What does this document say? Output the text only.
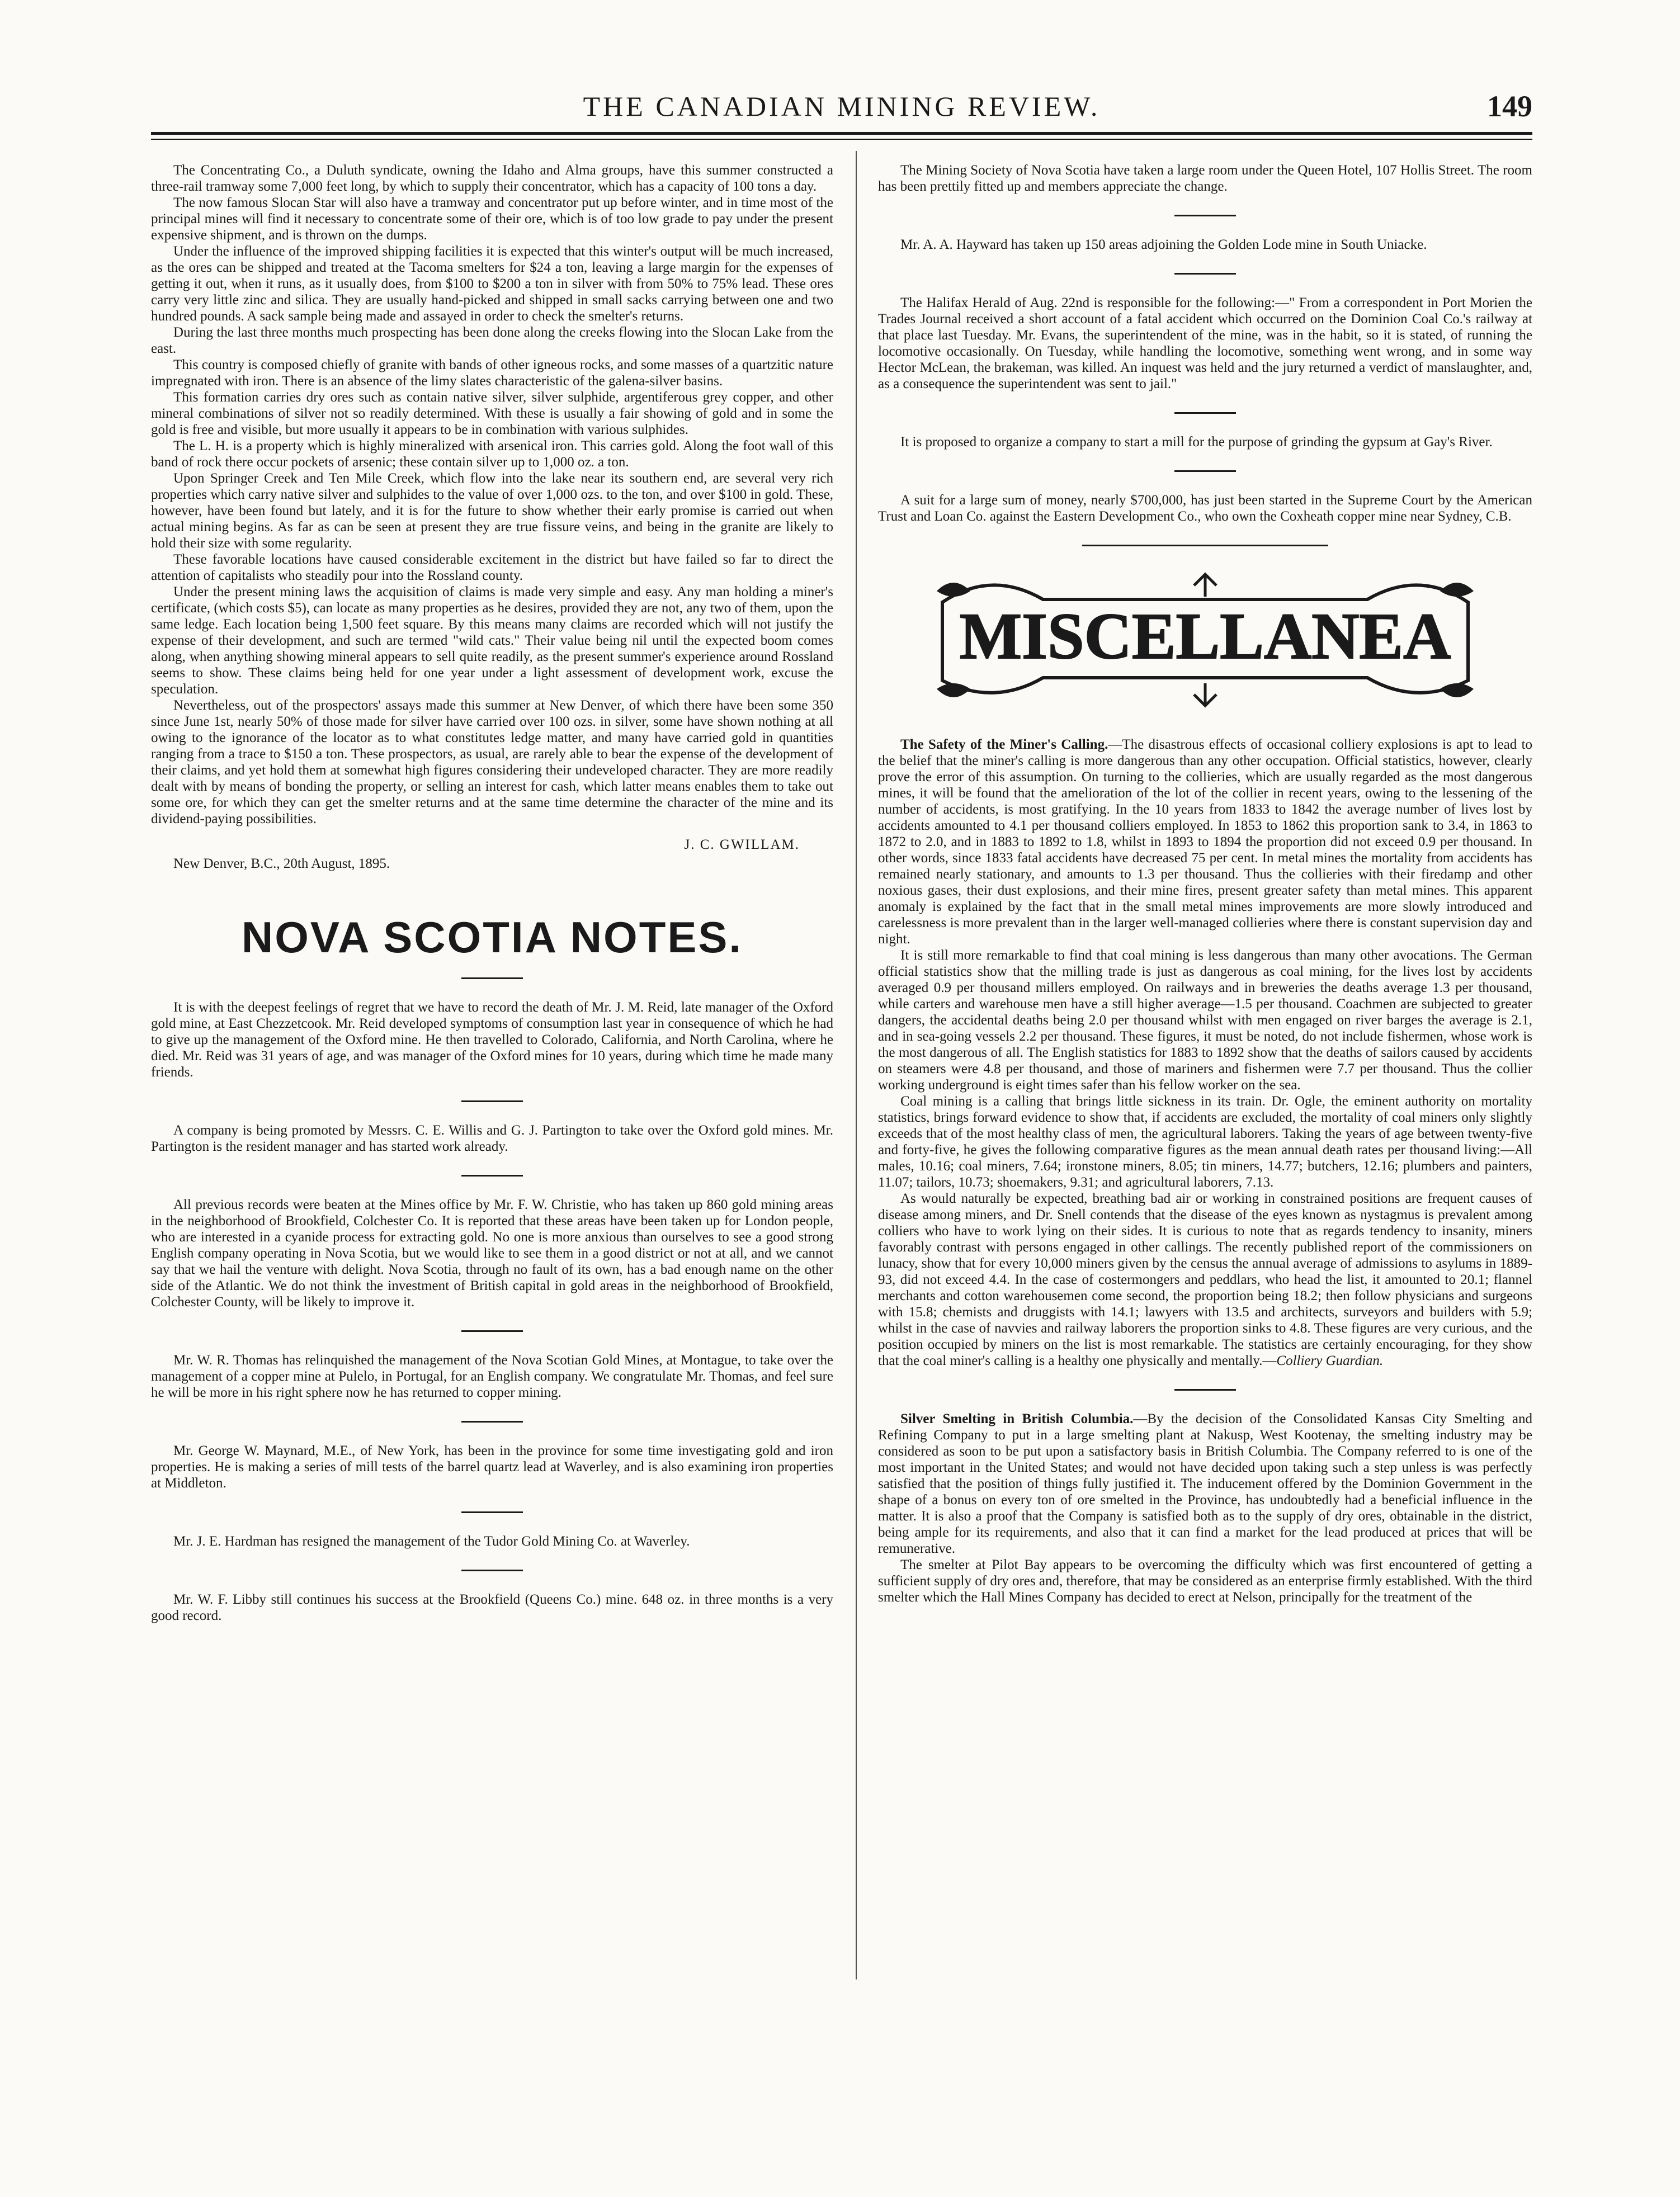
THE CANADIAN MINING REVIEW.	149

The Concentrating Co., a Duluth syndicate, owning the Idaho and Alma groups, have this summer constructed a three-rail tramway some 7,000 feet long, by which to supply their concentrator, which has a capacity of 100 tons a day.

The now famous Slocan Star will also have a tramway and concentrator put up before winter, and in time most of the principal mines will find it necessary to concentrate some of their ore, which is of too low grade to pay under the present expensive shipment, and is thrown on the dumps.

Under the influence of the improved shipping facilities it is expected that this winter's output will be much increased, as the ores can be shipped and treated at the Tacoma smelters for $24 a ton, leaving a large margin for the expenses of getting it out, when it runs, as it usually does, from $100 to $200 a ton in silver with from 50% to 75% lead. These ores carry very little zinc and silica. They are usually hand-picked and shipped in small sacks carrying between one and two hundred pounds. A sack sample being made and assayed in order to check the smelter's returns.

During the last three months much prospecting has been done along the creeks flowing into the Slocan Lake from the east.

This country is composed chiefly of granite with bands of other igneous rocks, and some masses of a quartzitic nature impregnated with iron. There is an absence of the limy slates characteristic of the galena-silver basins.

This formation carries dry ores such as contain native silver, silver sulphide, argentiferous grey copper, and other mineral combinations of silver not so readily determined. With these is usually a fair showing of gold and in some the gold is free and visible, but more usually it appears to be in combination with various sulphides.

The L. H. is a property which is highly mineralized with arsenical iron. This carries gold. Along the foot wall of this band of rock there occur pockets of arsenic; these contain silver up to 1,000 oz. a ton.

Upon Springer Creek and Ten Mile Creek, which flow into the lake near its southern end, are several very rich properties which carry native silver and sulphides to the value of over 1,000 ozs. to the ton, and over $100 in gold. These, however, have been found but lately, and it is for the future to show whether their early promise is carried out when actual mining begins. As far as can be seen at present they are true fissure veins, and being in the granite are likely to hold their size with some regularity.

These favorable locations have caused considerable excitement in the district but have failed so far to direct the attention of capitalists who steadily pour into the Rossland county.

Under the present mining laws the acquisition of claims is made very simple and easy. Any man holding a miner's certificate, (which costs $5), can locate as many properties as he desires, provided they are not, any two of them, upon the same ledge. Each location being 1,500 feet square. By this means many claims are recorded which will not justify the expense of their development, and such are termed "wild cats." Their value being nil until the expected boom comes along, when anything showing mineral appears to sell quite readily, as the present summer's experience around Rossland seems to show. These claims being held for one year under a light assessment of development work, excuse the speculation.

Nevertheless, out of the prospectors' assays made this summer at New Denver, of which there have been some 350 since June 1st, nearly 50% of those made for silver have carried over 100 ozs. in silver, some have shown nothing at all owing to the ignorance of the locator as to what constitutes ledge matter, and many have carried gold in quantities ranging from a trace to $150 a ton. These prospectors, as usual, are rarely able to bear the expense of the development of their claims, and yet hold them at somewhat high figures considering their undeveloped character. They are more readily dealt with by means of bonding the property, or selling an interest for cash, which latter means enables them to take out some ore, for which they can get the smelter returns and at the same time determine the character of the mine and its dividend-paying possibilities.

J. C. GWILLAM.
New Denver, B.C., 20th August, 1895.
NOVA SCOTIA NOTES.

It is with the deepest feelings of regret that we have to record the death of Mr. J. M. Reid, late manager of the Oxford gold mine, at East Chezzetcook. Mr. Reid developed symptoms of consumption last year in consequence of which he had to give up the management of the Oxford mine. He then travelled to Colorado, California, and North Carolina, where he died. Mr. Reid was 31 years of age, and was manager of the Oxford mines for 10 years, during which time he made many friends.

A company is being promoted by Messrs. C. E. Willis and G. J. Partington to take over the Oxford gold mines. Mr. Partington is the resident manager and has started work already.

All previous records were beaten at the Mines office by Mr. F. W. Christie, who has taken up 860 gold mining areas in the neighborhood of Brookfield, Colchester Co. It is reported that these areas have been taken up for London people, who are interested in a cyanide process for extracting gold. No one is more anxious than ourselves to see a good strong English company operating in Nova Scotia, but we would like to see them in a good district or not at all, and we cannot say that we hail the venture with delight. Nova Scotia, through no fault of its own, has a bad enough name on the other side of the Atlantic. We do not think the investment of British capital in gold areas in the neighborhood of Brookfield, Colchester County, will be likely to improve it.

Mr. W. R. Thomas has relinquished the management of the Nova Scotian Gold Mines, at Montague, to take over the management of a copper mine at Pulelo, in Portugal, for an English company. We congratulate Mr. Thomas, and feel sure he will be more in his right sphere now he has returned to copper mining.

Mr. George W. Maynard, M.E., of New York, has been in the province for some time investigating gold and iron properties. He is making a series of mill tests of the barrel quartz lead at Waverley, and is also examining iron properties at Middleton.

Mr. J. E. Hardman has resigned the management of the Tudor Gold Mining Co. at Waverley.

Mr. W. F. Libby still continues his success at the Brookfield (Queens Co.) mine. 648 oz. in three months is a very good record.

The Mining Society of Nova Scotia have taken a large room under the Queen Hotel, 107 Hollis Street. The room has been prettily fitted up and members appreciate the change.

Mr. A. A. Hayward has taken up 150 areas adjoining the Golden Lode mine in South Uniacke.

The Halifax Herald of Aug. 22nd is responsible for the following:—" From a correspondent in Port Morien the Trades Journal received a short account of a fatal accident which occurred on the Dominion Coal Co.'s railway at that place last Tuesday. Mr. Evans, the superintendent of the mine, was in the habit, so it is stated, of running the locomotive occasionally. On Tuesday, while handling the locomotive, something went wrong, and in some way Hector McLean, the brakeman, was killed. An inquest was held and the jury returned a verdict of manslaughter, and, as a consequence the superintendent was sent to jail."

It is proposed to organize a company to start a mill for the purpose of grinding the gypsum at Gay's River.

A suit for a large sum of money, nearly $700,000, has just been started in the Supreme Court by the American Trust and Loan Co. against the Eastern Development Co., who own the Coxheath copper mine near Sydney, C.B.

MISCELLANEA

The Safety of the Miner's Calling.—The disastrous effects of occasional colliery explosions is apt to lead to the belief that the miner's calling is more dangerous than any other occupation. Official statistics, however, clearly prove the error of this assumption. On turning to the collieries, which are usually regarded as the most dangerous mines, it will be found that the amelioration of the lot of the collier in recent years, owing to the lessening of the number of accidents, is most gratifying. In the 10 years from 1833 to 1842 the average number of lives lost by accidents amounted to 4.1 per thousand colliers employed. In 1853 to 1862 this proportion sank to 3.4, in 1863 to 1872 to 2.0, and in 1883 to 1892 to 1.8, whilst in 1893 to 1894 the proportion did not exceed 0.9 per thousand. In other words, since 1833 fatal accidents have decreased 75 per cent. In metal mines the mortality from accidents has remained nearly stationary, and amounts to 1.3 per thousand. Thus the collieries with their firedamp and other noxious gases, their dust explosions, and their mine fires, present greater safety than metal mines. This apparent anomaly is explained by the fact that in the small metal mines improvements are more slowly introduced and carelessness is more prevalent than in the larger well-managed collieries where there is constant supervision day and night.

It is still more remarkable to find that coal mining is less dangerous than many other avocations. The German official statistics show that the milling trade is just as dangerous as coal mining, for the lives lost by accidents averaged 0.9 per thousand millers employed. On railways and in breweries the deaths average 1.3 per thousand, while carters and warehouse men have a still higher average—1.5 per thousand. Coachmen are subjected to greater dangers, the accidental deaths being 2.0 per thousand whilst with men engaged on river barges the average is 2.1, and in sea-going vessels 2.2 per thousand. These figures, it must be noted, do not include fishermen, whose work is the most dangerous of all. The English statistics for 1883 to 1892 show that the deaths of sailors caused by accidents on steamers were 4.8 per thousand, and those of mariners and fishermen were 7.7 per thousand. Thus the collier working underground is eight times safer than his fellow worker on the sea.

Coal mining is a calling that brings little sickness in its train. Dr. Ogle, the eminent authority on mortality statistics, brings forward evidence to show that, if accidents are excluded, the mortality of coal miners only slightly exceeds that of the most healthy class of men, the agricultural laborers. Taking the years of age between twenty-five and forty-five, he gives the following comparative figures as the mean annual death rates per thousand living:—All males, 10.16; coal miners, 7.64; ironstone miners, 8.05; tin miners, 14.77; butchers, 12.16; plumbers and painters, 11.07; tailors, 10.73; shoemakers, 9.31; and agricultural laborers, 7.13.

As would naturally be expected, breathing bad air or working in constrained positions are frequent causes of disease among miners, and Dr. Snell contends that the disease of the eyes known as nystagmus is prevalent among colliers who have to work lying on their sides. It is curious to note that as regards tendency to insanity, miners favorably contrast with persons engaged in other callings. The recently published report of the commissioners on lunacy, show that for every 10,000 miners given by the census the annual average of admissions to asylums in 1889-93, did not exceed 4.4. In the case of costermongers and peddlars, who head the list, it amounted to 20.1; flannel merchants and cotton warehousemen come second, the proportion being 18.2; then follow physicians and surgeons with 15.8; chemists and druggists with 14.1; lawyers with 13.5 and architects, surveyors and builders with 5.9; whilst in the case of navvies and railway laborers the proportion sinks to 4.8. These figures are very curious, and the position occupied by miners on the list is most remarkable. The statistics are certainly encouraging, for they show that the coal miner's calling is a healthy one physically and mentally.—Colliery Guardian.

Silver Smelting in British Columbia.—By the decision of the Consolidated Kansas City Smelting and Refining Company to put in a large smelting plant at Nakusp, West Kootenay, the smelting industry may be considered as soon to be put upon a satisfactory basis in British Columbia. The Company referred to is one of the most important in the United States; and would not have decided upon taking such a step unless is was perfectly satisfied that the position of things fully justified it. The inducement offered by the Dominion Government in the shape of a bonus on every ton of ore smelted in the Province, has undoubtedly had a beneficial influence in the matter. It is also a proof that the Company is satisfied both as to the supply of dry ores, obtainable in the district, being ample for its requirements, and also that it can find a market for the lead produced at prices that will be remunerative.

The smelter at Pilot Bay appears to be overcoming the difficulty which was first encountered of getting a sufficient supply of dry ores and, therefore, that may be considered as an enterprise firmly established. With the third smelter which the Hall Mines Company has decided to erect at Nelson, principally for the treatment of the
